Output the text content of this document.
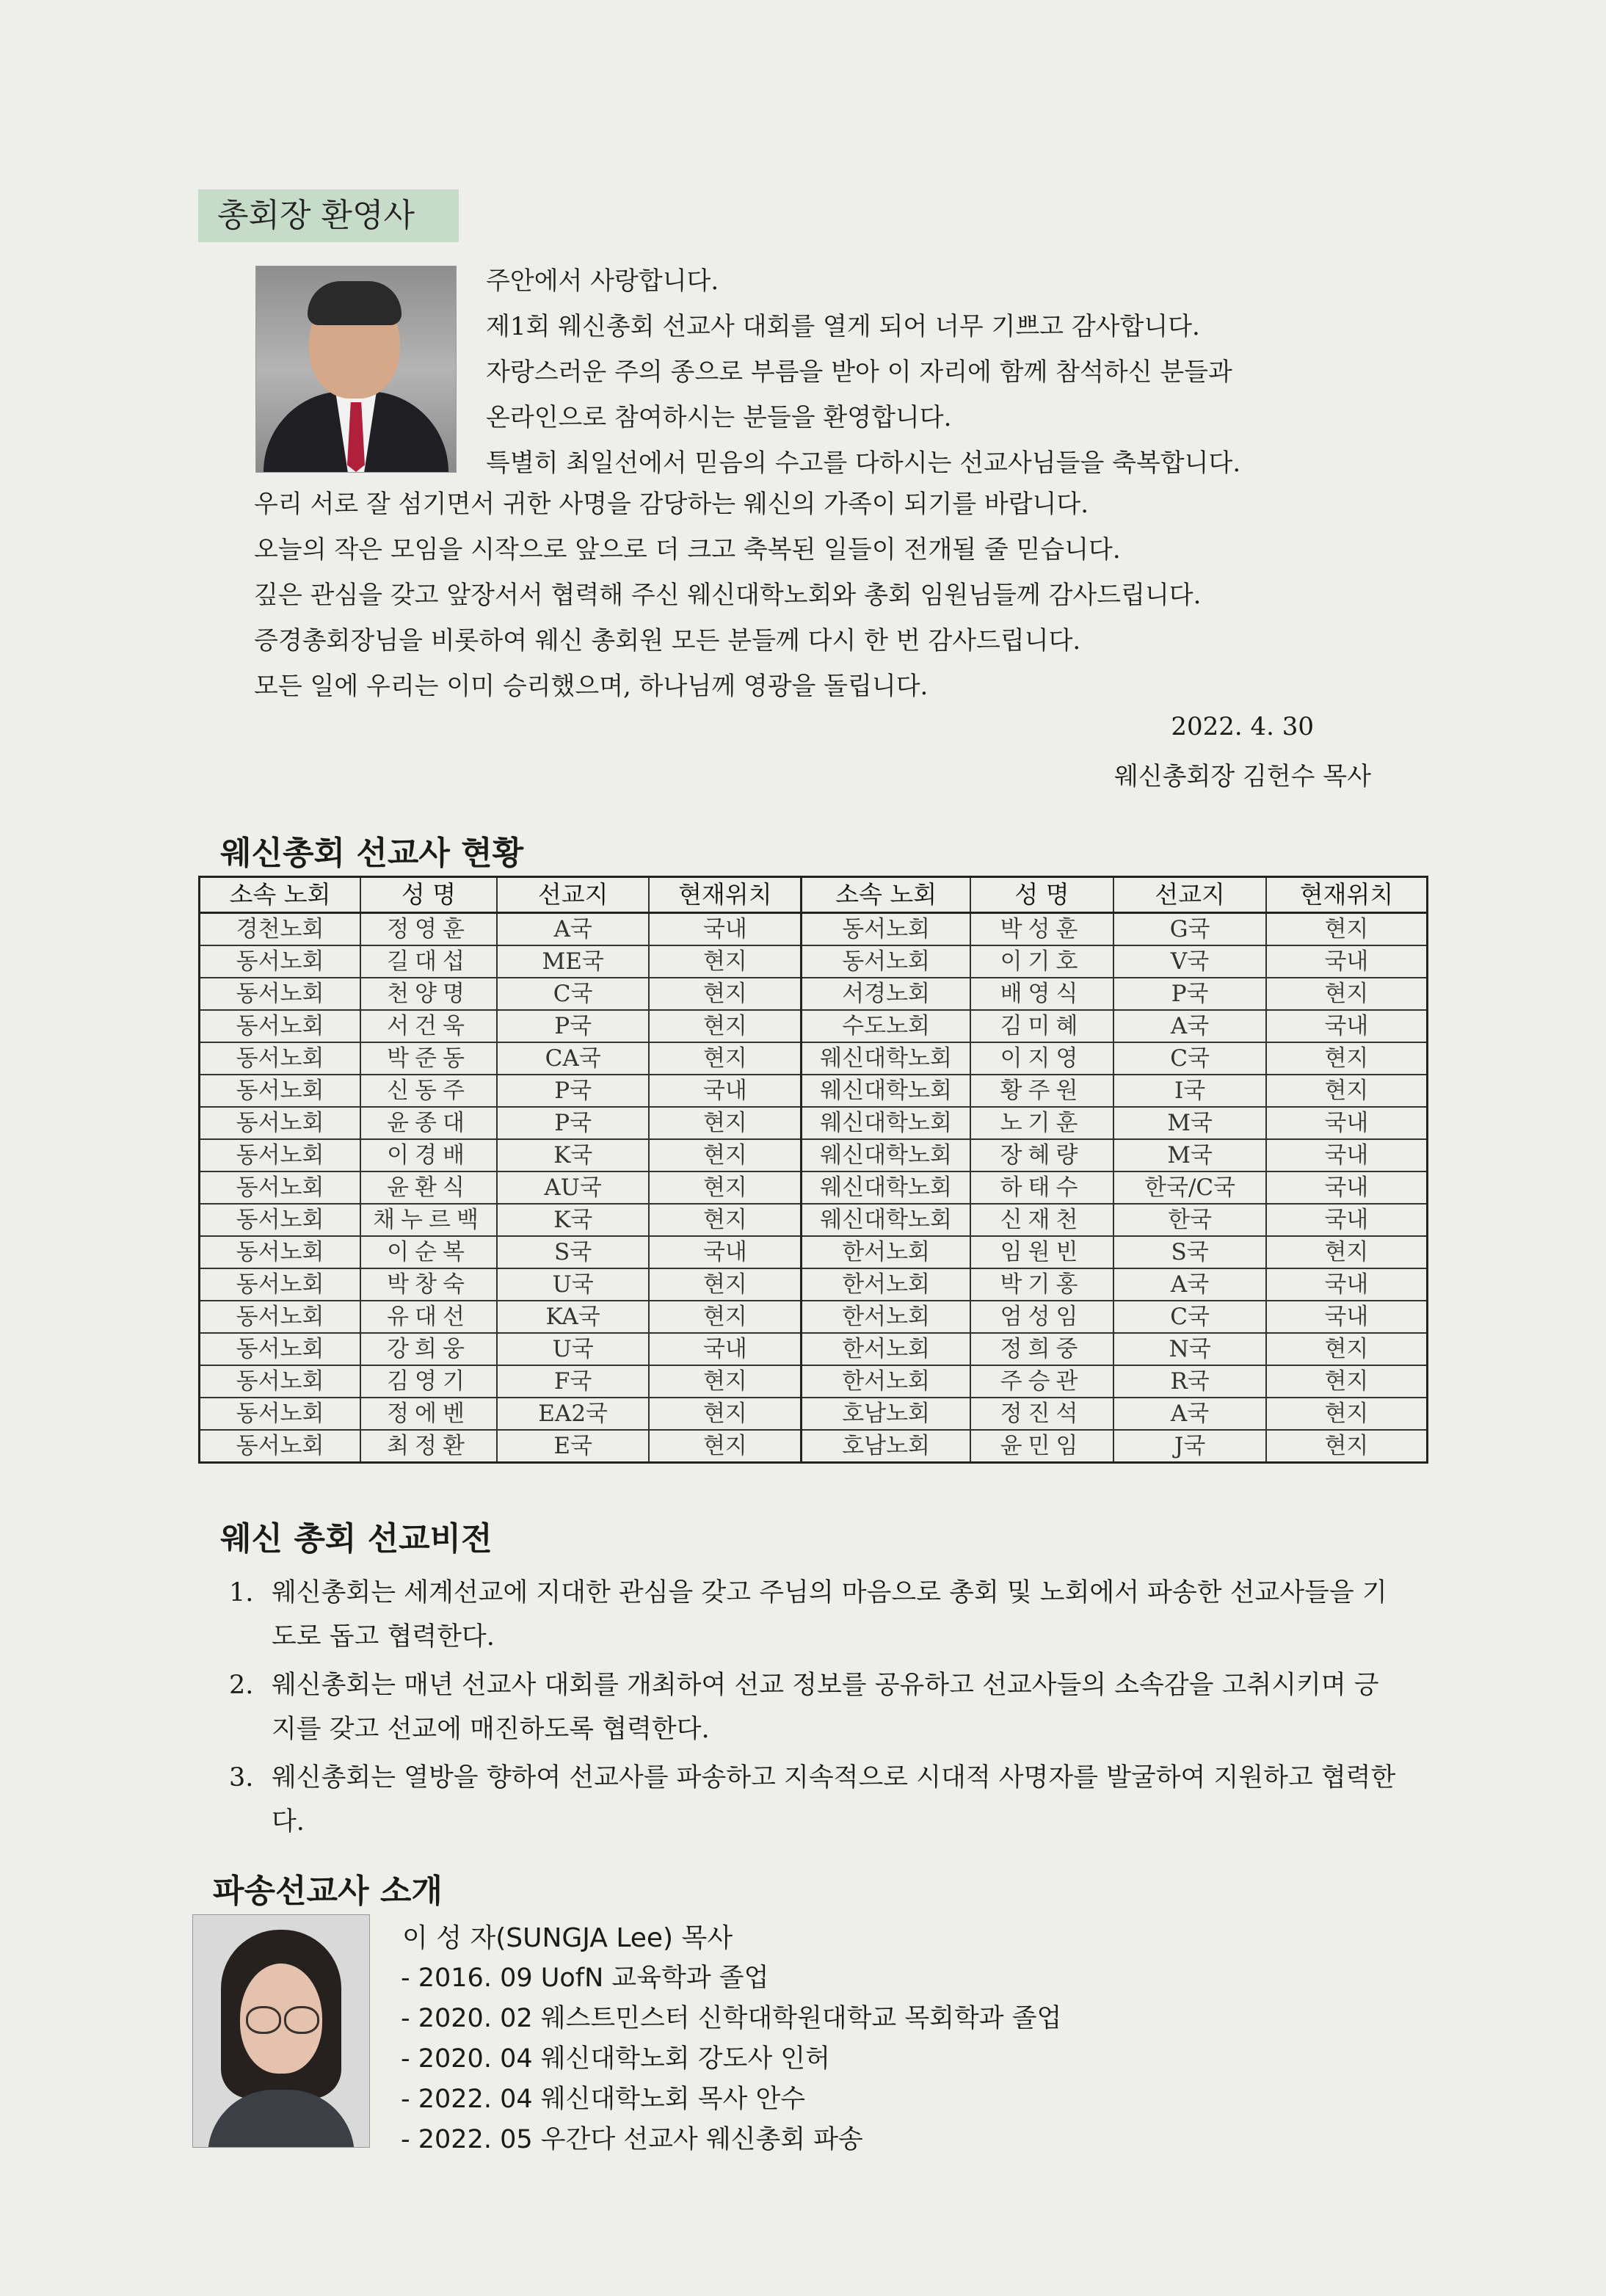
총회장 환영사
주안에서 사랑합니다.
제1회 웨신총회 선교사 대회를 열게 되어 너무 기쁘고 감사합니다.
자랑스러운 주의 종으로 부름을 받아 이 자리에 함께 참석하신 분들과
온라인으로 참여하시는 분들을 환영합니다.
특별히 최일선에서 믿음의 수고를 다하시는 선교사님들을 축복합니다.
우리 서로 잘 섬기면서 귀한 사명을 감당하는 웨신의 가족이 되기를 바랍니다.
오늘의 작은 모임을 시작으로 앞으로 더 크고 축복된 일들이 전개될 줄 믿습니다.
깊은 관심을 갖고 앞장서서 협력해 주신 웨신대학노회와 총회 임원님들께 감사드립니다.
증경총회장님을 비롯하여 웨신 총회원 모든 분들께 다시 한 번 감사드립니다.
모든 일에 우리는 이미 승리했으며, 하나님께 영광을 돌립니다.
2022. 4. 30
웨신총회장 김헌수 목사
웨신총회 선교사 현황
소속 노회	성 명	선교지	현재위치	소속 노회	성 명	선교지	현재위치
경천노회	정영훈	A국	국내	동서노회	박성훈	G국	현지
동서노회	길대섭	ME국	현지	동서노회	이기호	V국	국내
동서노회	천양명	C국	현지	서경노회	배영식	P국	현지
동서노회	서건욱	P국	현지	수도노회	김미혜	A국	국내
동서노회	박준동	CA국	현지	웨신대학노회	이지영	C국	현지
동서노회	신동주	P국	국내	웨신대학노회	황주원	I국	현지
동서노회	윤종대	P국	현지	웨신대학노회	노기훈	M국	국내
동서노회	이경배	K국	현지	웨신대학노회	장혜량	M국	국내
동서노회	윤환식	AU국	현지	웨신대학노회	하태수	한국/C국	국내
동서노회	채누르백	K국	현지	웨신대학노회	신재천	한국	국내
동서노회	이순복	S국	국내	한서노회	임원빈	S국	현지
동서노회	박창숙	U국	현지	한서노회	박기홍	A국	국내
동서노회	유대선	KA국	현지	한서노회	엄성임	C국	국내
동서노회	강희웅	U국	국내	한서노회	정희중	N국	현지
동서노회	김영기	F국	현지	한서노회	주승관	R국	현지
동서노회	정에벤	EA2국	현지	호남노회	정진석	A국	현지
동서노회	최정환	E국	현지	호남노회	윤민임	J국	현지
웨신 총회 선교비전
1. 웨신총회는 세계선교에 지대한 관심을 갖고 주님의 마음으로 총회 및 노회에서 파송한 선교사들을 기도로 돕고 협력한다.
2. 웨신총회는 매년 선교사 대회를 개최하여 선교 정보를 공유하고 선교사들의 소속감을 고취시키며 긍지를 갖고 선교에 매진하도록 협력한다.
3. 웨신총회는 열방을 향하여 선교사를 파송하고 지속적으로 시대적 사명자를 발굴하여 지원하고 협력한다.
파송선교사 소개
이 성 자(SUNGJA Lee) 목사
- 2016. 09 UofN 교육학과 졸업
- 2020. 02 웨스트민스터 신학대학원대학교 목회학과 졸업
- 2020. 04 웨신대학노회 강도사 인허
- 2022. 04 웨신대학노회 목사 안수
- 2022. 05 우간다 선교사 웨신총회 파송
